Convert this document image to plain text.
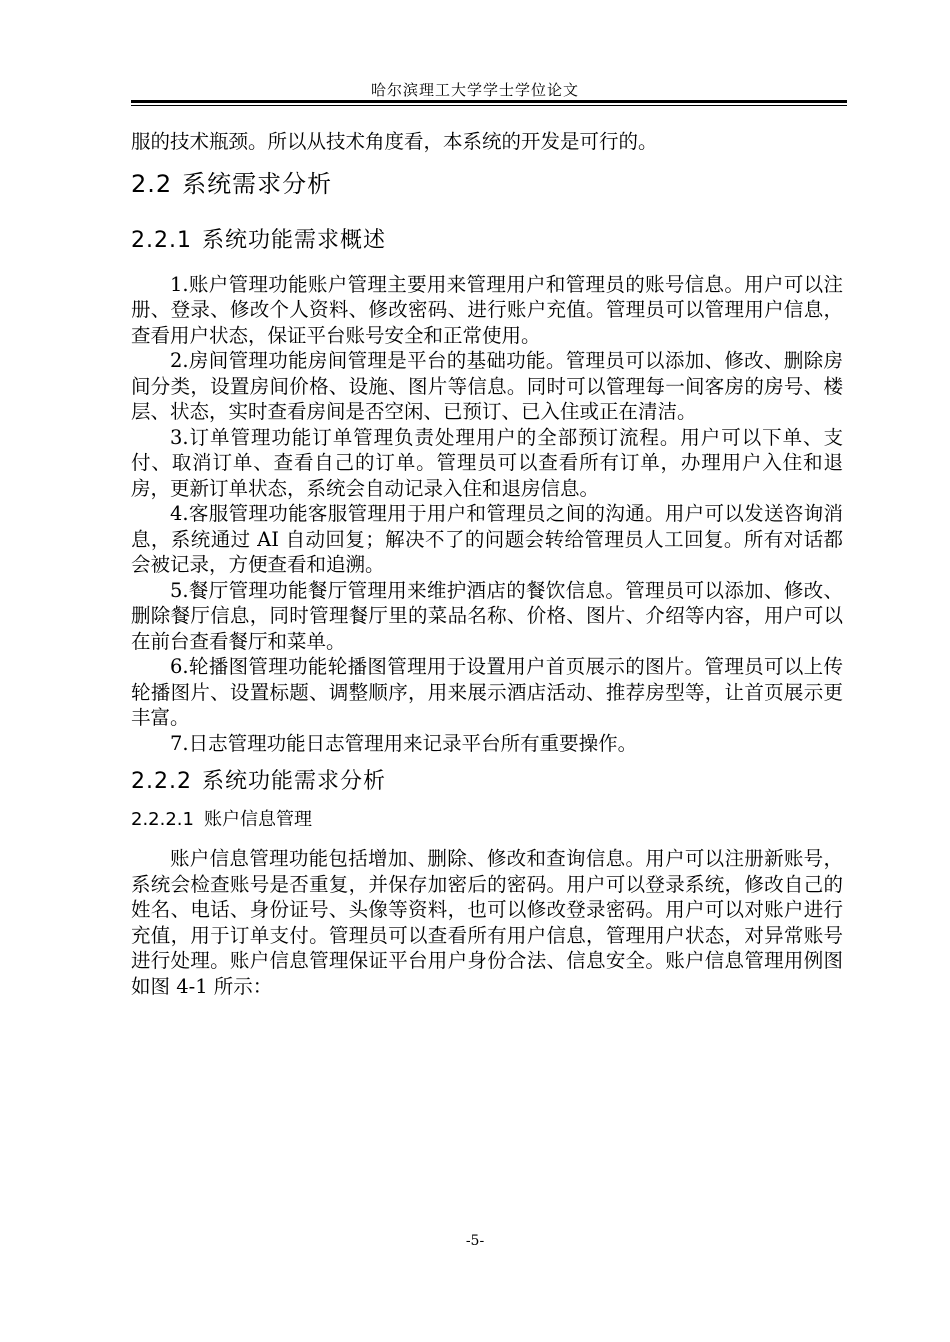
哈尔滨理工大学学士学位论文

服的技术瓶颈。所以从技术角度看，本系统的开发是可行的。

2.2 系统需求分析
2.2.1 系统功能需求概述

1.账户管理功能账户管理主要用来管理用户和管理员的账号信息。用户可以注册、登录、修改个人资料、修改密码、进行账户充值。管理员可以管理用户信息，查看用户状态，保证平台账号安全和正常使用。

2.房间管理功能房间管理是平台的基础功能。管理员可以添加、修改、删除房间分类，设置房间价格、设施、图片等信息。同时可以管理每一间客房的房号、楼层、状态，实时查看房间是否空闲、已预订、已入住或正在清洁。

3.订单管理功能订单管理负责处理用户的全部预订流程。用户可以下单、支付、取消订单、查看自己的订单。管理员可以查看所有订单，办理用户入住和退房，更新订单状态，系统会自动记录入住和退房信息。

4.客服管理功能客服管理用于用户和管理员之间的沟通。用户可以发送咨询消息，系统通过 AI 自动回复；解决不了的问题会转给管理员人工回复。所有对话都会被记录，方便查看和追溯。

5.餐厅管理功能餐厅管理用来维护酒店的餐饮信息。管理员可以添加、修改、删除餐厅信息，同时管理餐厅里的菜品名称、价格、图片、介绍等内容，用户可以在前台查看餐厅和菜单。

6.轮播图管理功能轮播图管理用于设置用户首页展示的图片。管理员可以上传轮播图片、设置标题、调整顺序，用来展示酒店活动、推荐房型等，让首页展示更丰富。

7.日志管理功能日志管理用来记录平台所有重要操作。

2.2.2 系统功能需求分析
2.2.2.1 账户信息管理

账户信息管理功能包括增加、删除、修改和查询信息。用户可以注册新账号，系统会检查账号是否重复，并保存加密后的密码。用户可以登录系统，修改自己的姓名、电话、身份证号、头像等资料，也可以修改登录密码。用户可以对账户进行充值，用于订单支付。管理员可以查看所有用户信息，管理用户状态，对异常账号进行处理。账户信息管理保证平台用户身份合法、信息安全。账户信息管理用例图如图 4-1 所示：

-5-
